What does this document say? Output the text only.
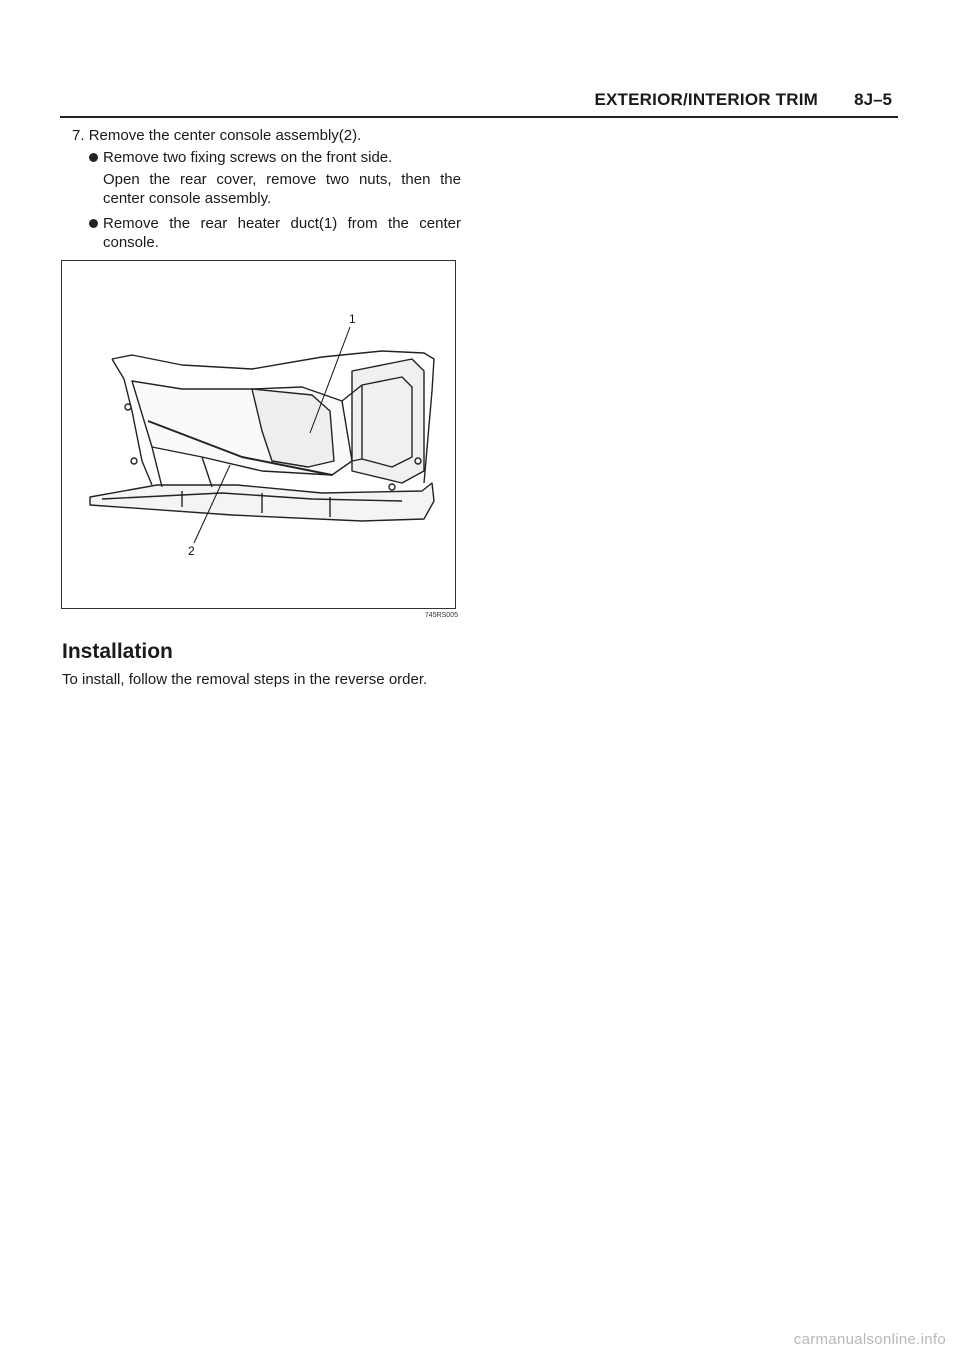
EXTERIOR/INTERIOR TRIM 8J–5
7. Remove the center console assembly(2).
Remove two fixing screws on the front side.
Open the rear cover, remove two nuts, then the center console assembly.
Remove the rear heater duct(1) from the center console.
1
2
745RS005
Installation
To install, follow the removal steps in the reverse order.
carmanualsonline.info
